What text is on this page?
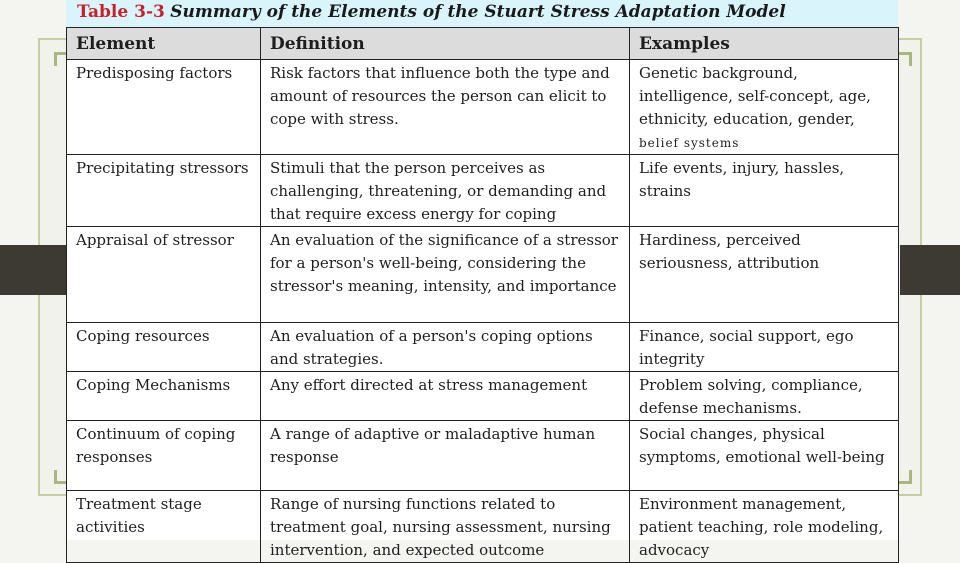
Table 3-3 Summary of the Elements of the Stuart Stress Adaptation Model
Element	Definition	Examples
Predisposing factors	Risk factors that influence both the type and amount of resources the person can elicit to cope with stress.	Genetic background, intelligence, self-concept, age, ethnicity, education, gender,
belief systems
Precipitating stressors	Stimuli that the person perceives as challenging, threatening, or demanding and that require excess energy for coping	Life events, injury, hassles, strains
Appraisal of stressor	An evaluation of the significance of a stressor for a person's well-being, considering the stressor's meaning, intensity, and importance	Hardiness, perceived seriousness, attribution
Coping resources	An evaluation of a person's coping options and strategies.	Finance, social support, ego integrity
Coping Mechanisms	Any effort directed at stress management	Problem solving, compliance, defense mechanisms.
Continuum of coping responses	A range of adaptive or maladaptive human response	Social changes, physical symptoms, emotional well-being
Treatment stage activities	Range of nursing functions related to treatment goal, nursing assessment, nursing intervention, and expected outcome	Environment management, patient teaching, role modeling, advocacy
